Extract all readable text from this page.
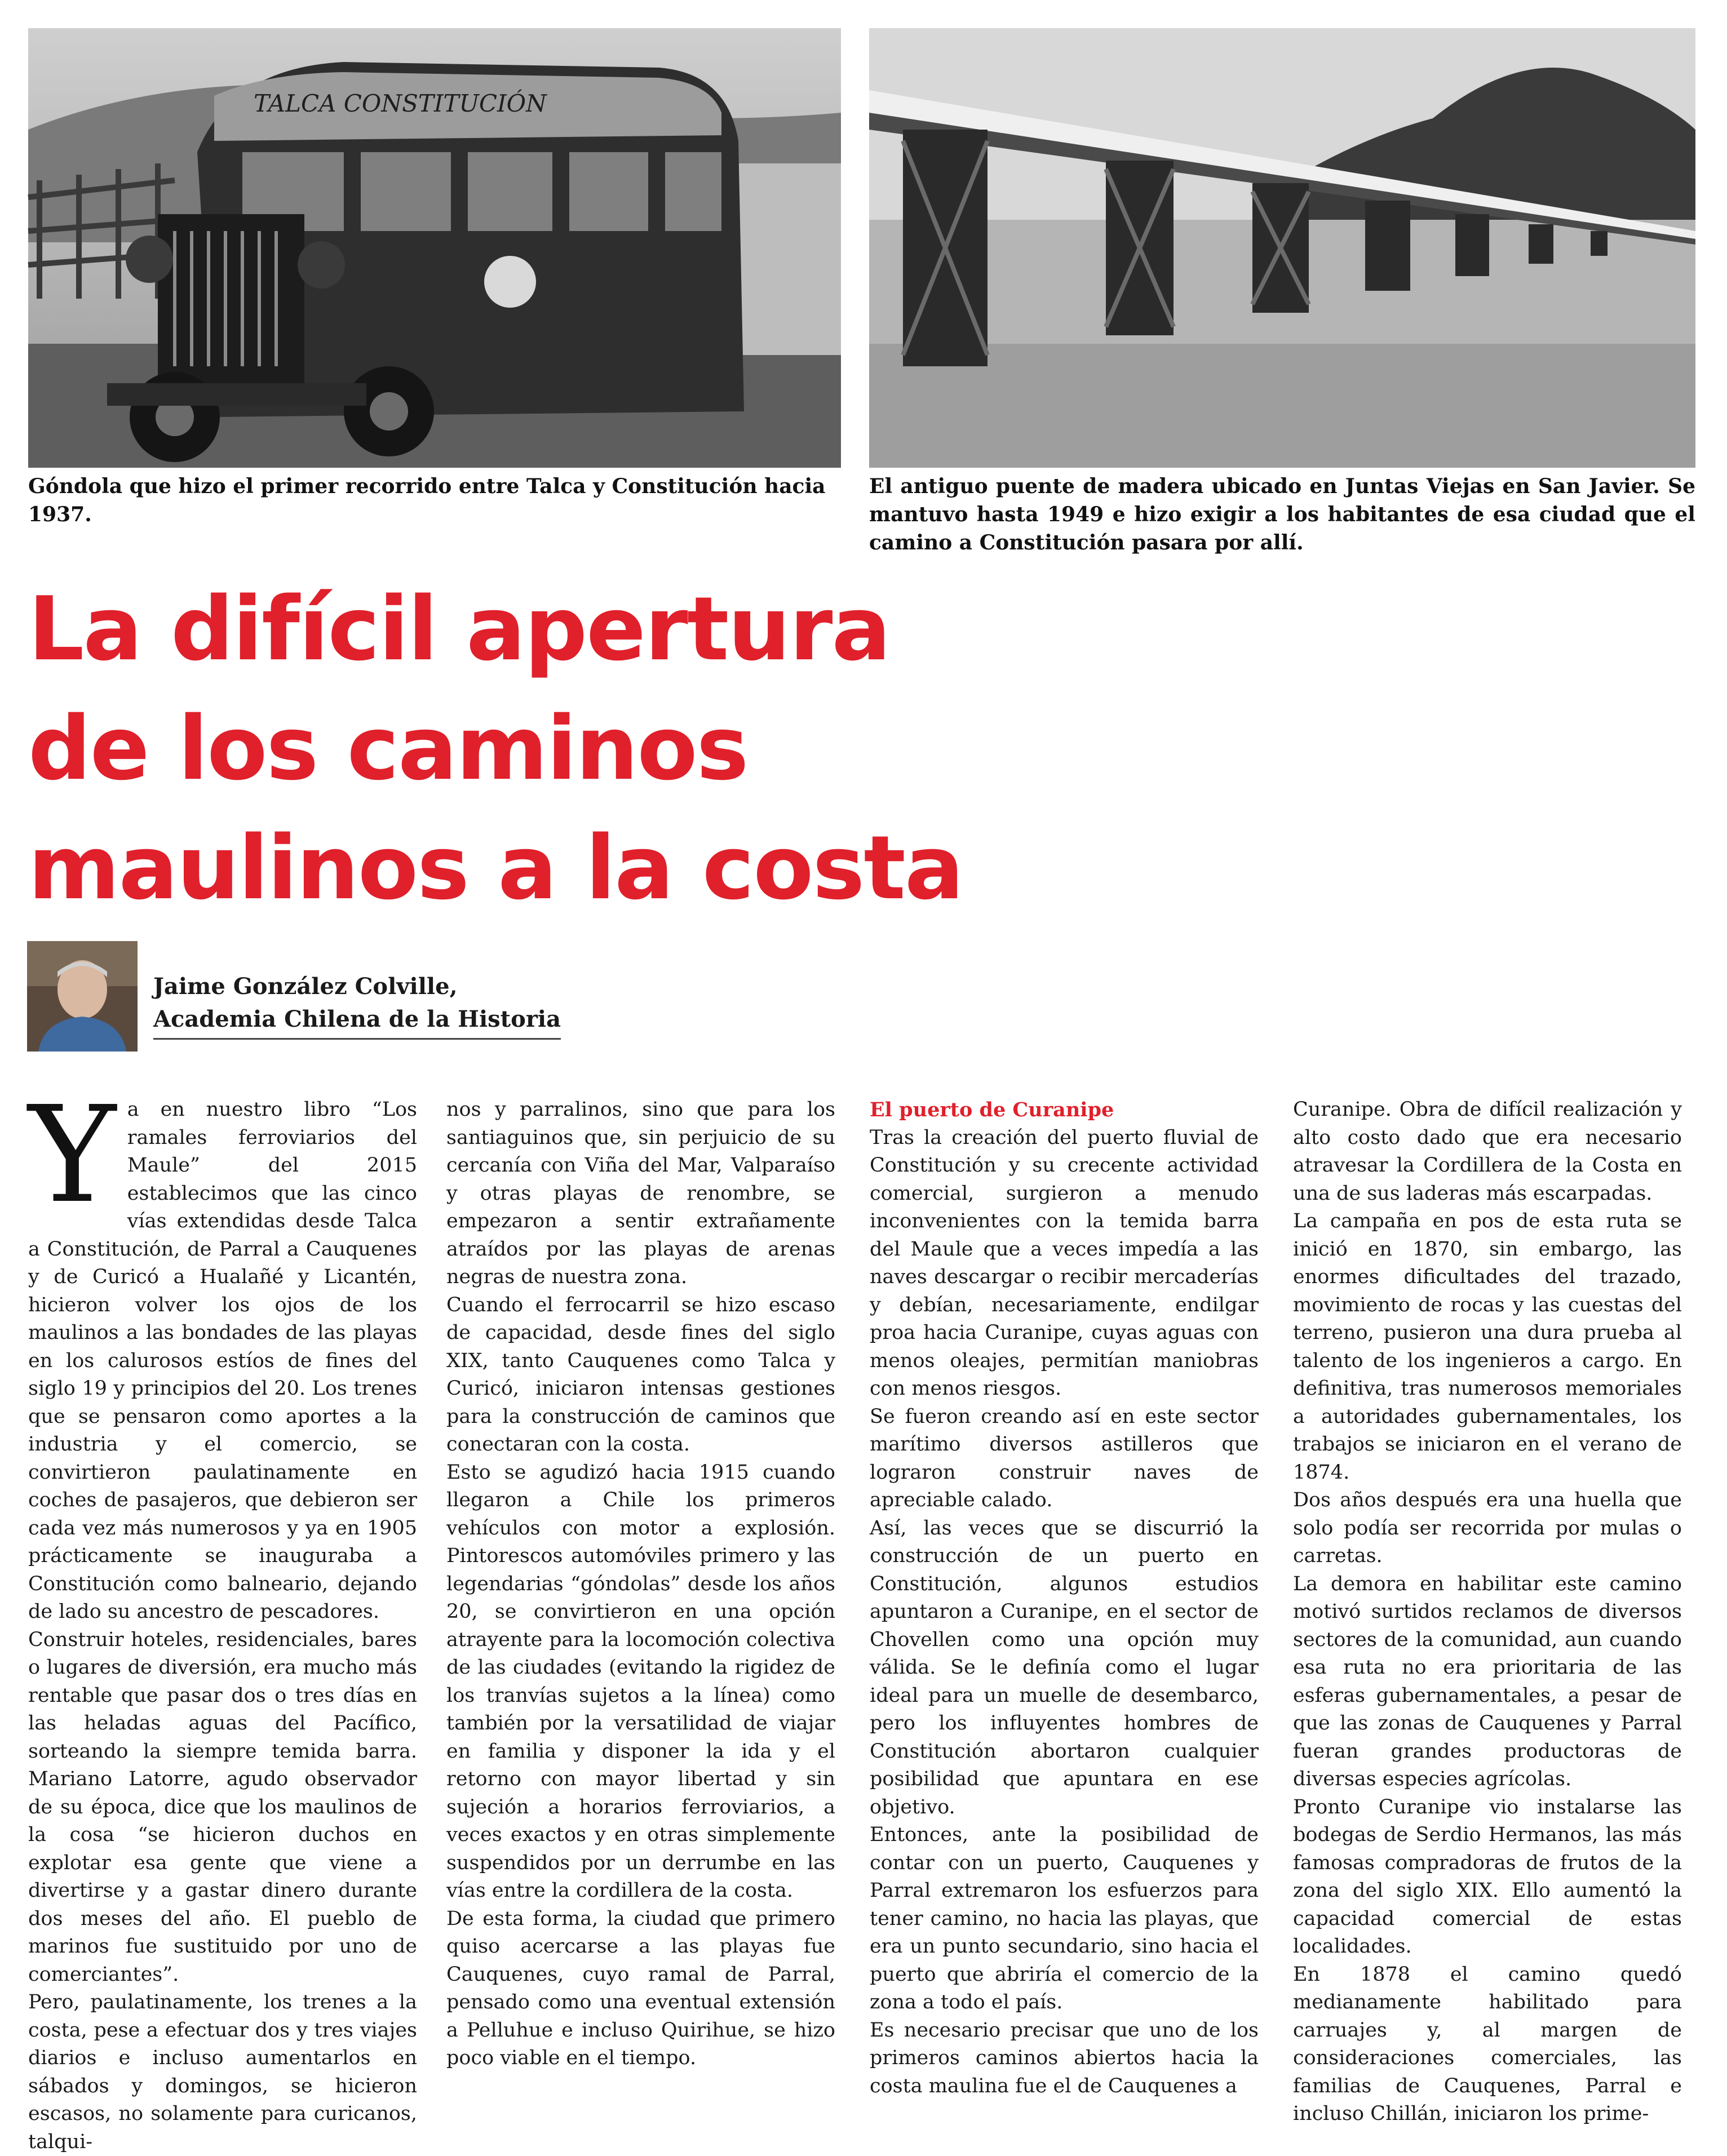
TALCA CONSTITUCIÓN
Góndola que hizo el primer recorrido entre Talca y Constitución hacia 1937.
El antiguo puente de madera ubicado en Juntas Viejas en San Javier. Se mantuvo hasta 1949 e hizo exigir a los habitantes de esa ciudad que el camino a Constitución pasara por allí.
La difícil apertura
de los caminos
maulinos a la costa
Jaime González Colville,
Academia Chilena de la Historia

Ya en nuestro libro “Los ramales ferroviarios del Maule” del 2015 establecimos que las cinco vías extendidas desde Talca a Constitución, de Parral a Cauquenes y de Curicó a Hualañé y Licantén, hicieron volver los ojos de los maulinos a las bondades de las playas en los calurosos estíos de fines del siglo 19 y principios del 20. Los trenes que se pensaron como aportes a la industria y el comercio, se convirtieron paulatinamente en coches de pasajeros, que debieron ser cada vez más numerosos y ya en 1905 prácticamente se inauguraba a Constitución como balneario, dejando de lado su ancestro de pescadores.

Construir hoteles, residenciales, bares o lugares de diversión, era mucho más rentable que pasar dos o tres días en las heladas aguas del Pacífico, sorteando la siempre temida barra. Mariano Latorre, agudo observador de su época, dice que los maulinos de la cosa “se hicieron duchos en explotar esa gente que viene a divertirse y a gastar dinero durante dos meses del año. El pueblo de marinos fue sustituido por uno de comerciantes”.

Pero, paulatinamente, los trenes a la costa, pese a efectuar dos y tres viajes diarios e incluso aumentarlos en sábados y domingos, se hicieron escasos, no solamente para curicanos, talqui-

nos y parralinos, sino que para los santiaguinos que, sin perjuicio de su cercanía con Viña del Mar, Valparaíso y otras playas de renombre, se empezaron a sentir extrañamente atraídos por las playas de arenas negras de nuestra zona.

Cuando el ferrocarril se hizo escaso de capacidad, desde fines del siglo XIX, tanto Cauquenes como Talca y Curicó, iniciaron intensas gestiones para la construcción de caminos que conectaran con la costa.

Esto se agudizó hacia 1915 cuando llegaron a Chile los primeros vehículos con motor a explosión. Pintorescos automóviles primero y las legendarias “góndolas” desde los años 20, se convirtieron en una opción atrayente para la locomoción colectiva de las ciudades (evitando la rigidez de los tranvías sujetos a la línea) como también por la versatilidad de viajar en familia y disponer la ida y el retorno con mayor libertad y sin sujeción a horarios ferroviarios, a veces exactos y en otras simplemente suspendidos por un derrumbe en las vías entre la cordillera de la costa.

De esta forma, la ciudad que primero quiso acercarse a las playas fue Cauquenes, cuyo ramal de Parral, pensado como una eventual extensión a Pelluhue e incluso Quirihue, se hizo poco viable en el tiempo.

El puerto de Curanipe

Tras la creación del puerto fluvial de Constitución y su crecente actividad comercial, surgieron a menudo inconvenientes con la temida barra del Maule que a veces impedía a las naves descargar o recibir mercaderías y debían, necesariamente, endilgar proa hacia Curanipe, cuyas aguas con menos oleajes, permitían maniobras con menos riesgos.

Se fueron creando así en este sector marítimo diversos astilleros que lograron construir naves de apreciable calado.

Así, las veces que se discurrió la construcción de un puerto en Constitución, algunos estudios apuntaron a Curanipe, en el sector de Chovellen como una opción muy válida. Se le definía como el lugar ideal para un muelle de desembarco, pero los influyentes hombres de Constitución abortaron cualquier posibilidad que apuntara en ese objetivo.

Entonces, ante la posibilidad de contar con un puerto, Cauquenes y Parral extremaron los esfuerzos para tener camino, no hacia las playas, que era un punto secundario, sino hacia el puerto que abriría el comercio de la zona a todo el país.

Es necesario precisar que uno de los primeros caminos abiertos hacia la costa maulina fue el de Cauquenes a

Curanipe. Obra de difícil realización y alto costo dado que era necesario atravesar la Cordillera de la Costa en una de sus laderas más escarpadas.

La campaña en pos de esta ruta se inició en 1870, sin embargo, las enormes dificultades del trazado, movimiento de rocas y las cuestas del terreno, pusieron una dura prueba al talento de los ingenieros a cargo. En definitiva, tras numerosos memoriales a autoridades gubernamentales, los trabajos se iniciaron en el verano de 1874.

Dos años después era una huella que solo podía ser recorrida por mulas o carretas.

La demora en habilitar este camino motivó surtidos reclamos de diversos sectores de la comunidad, aun cuando esa ruta no era prioritaria de las esferas gubernamentales, a pesar de que las zonas de Cauquenes y Parral fueran grandes productoras de diversas especies agrícolas.

Pronto Curanipe vio instalarse las bodegas de Serdio Hermanos, las más famosas compradoras de frutos de la zona del siglo XIX. Ello aumentó la capacidad comercial de estas localidades.

En 1878 el camino quedó medianamente habilitado para carruajes y, al margen de consideraciones comerciales, las familias de Cauquenes, Parral e incluso Chillán, iniciaron los prime-
